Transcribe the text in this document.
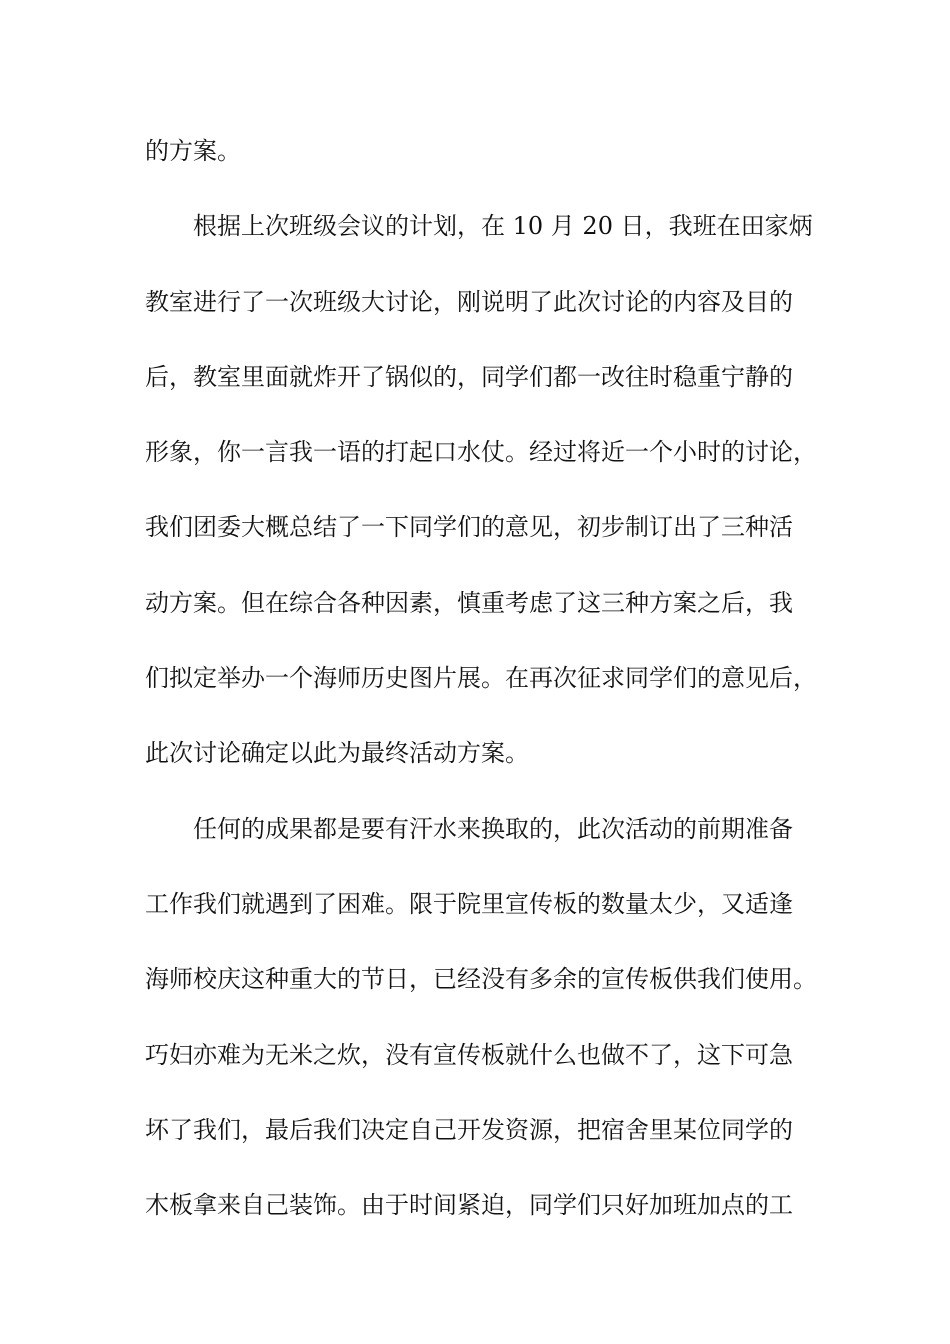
的方案。
根据上次班级会议的计划，在 10 月 20 日，我班在田家炳
教室进行了一次班级大讨论，刚说明了此次讨论的内容及目的
后，教室里面就炸开了锅似的，同学们都一改往时稳重宁静的
形象，你一言我一语的打起口水仗。经过将近一个小时的讨论，
我们团委大概总结了一下同学们的意见，初步制订出了三种活
动方案。但在综合各种因素，慎重考虑了这三种方案之后，我
们拟定举办一个海师历史图片展。在再次征求同学们的意见后，
此次讨论确定以此为最终活动方案。
任何的成果都是要有汗水来换取的，此次活动的前期准备
工作我们就遇到了困难。限于院里宣传板的数量太少，又适逢
海师校庆这种重大的节日，已经没有多余的宣传板供我们使用。
巧妇亦难为无米之炊，没有宣传板就什么也做不了，这下可急
坏了我们，最后我们决定自己开发资源，把宿舍里某位同学的
木板拿来自己装饰。由于时间紧迫，同学们只好加班加点的工
